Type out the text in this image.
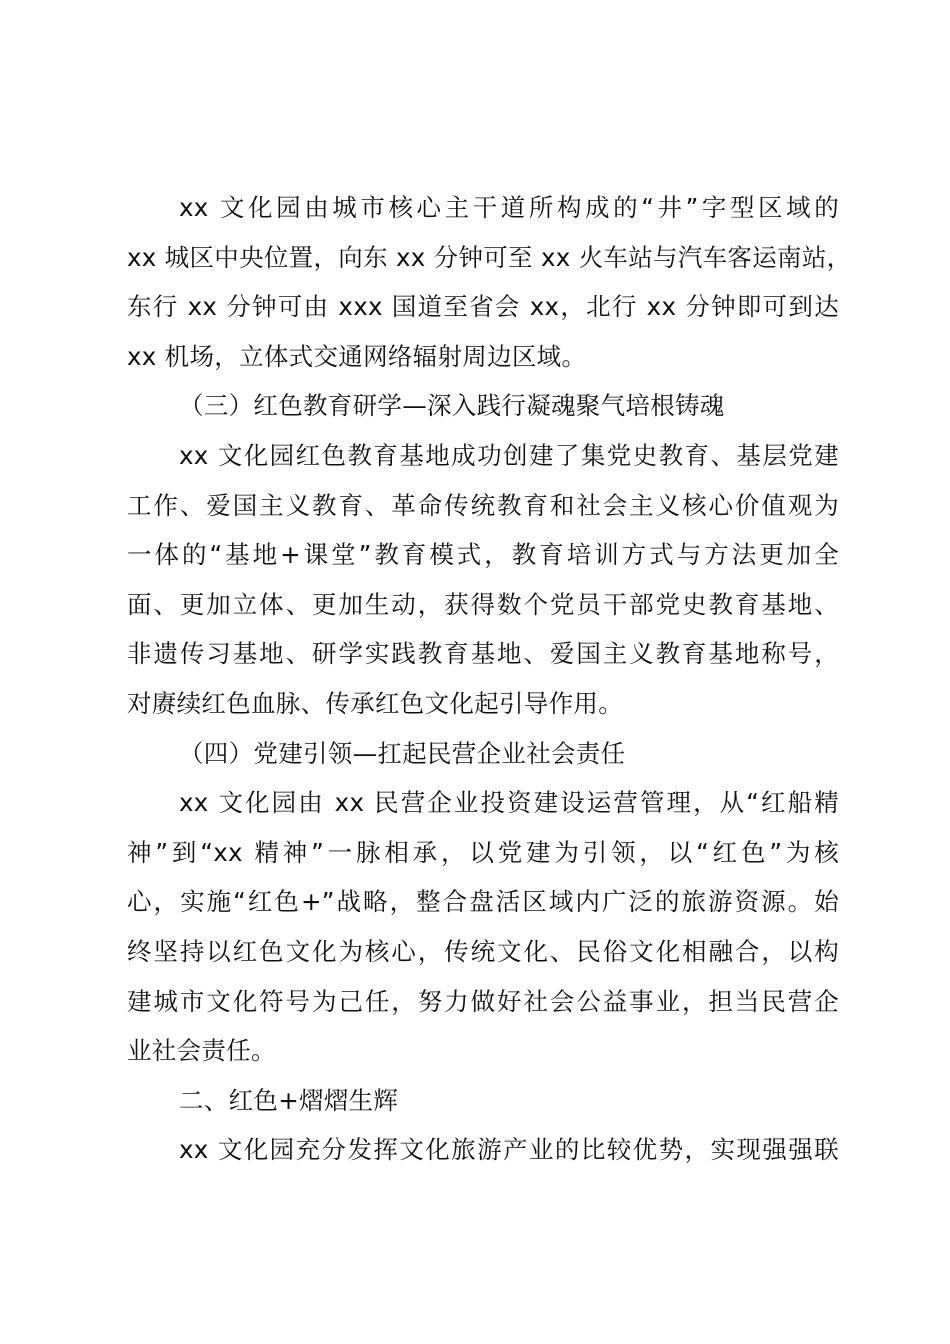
xx 文化园由城市核心主干道所构成的“井”字型区域的
xx 城区中央位置，向东 xx 分钟可至 xx 火车站与汽车客运南站，
东行 xx 分钟可由 xxx 国道至省会 xx，北行 xx 分钟即可到达
xx 机场，立体式交通网络辐射周边区域。

（三）红色教育研学—深入践行凝魂聚气培根铸魂

xx 文化园红色教育基地成功创建了集党史教育、基层党建
工作、爱国主义教育、革命传统教育和社会主义核心价值观为
一体的“基地+课堂”教育模式，教育培训方式与方法更加全
面、更加立体、更加生动，获得数个党员干部党史教育基地、
非遗传习基地、研学实践教育基地、爱国主义教育基地称号，
对赓续红色血脉、传承红色文化起引导作用。

（四）党建引领—扛起民营企业社会责任

xx 文化园由 xx 民营企业投资建设运营管理，从“红船精
神”到“xx 精神”一脉相承，以党建为引领，以“红色”为核
心，实施“红色+”战略，整合盘活区域内广泛的旅游资源。始
终坚持以红色文化为核心，传统文化、民俗文化相融合，以构
建城市文化符号为己任，努力做好社会公益事业，担当民营企
业社会责任。

二、红色+熠熠生辉

xx 文化园充分发挥文化旅游产业的比较优势，实现强强联
